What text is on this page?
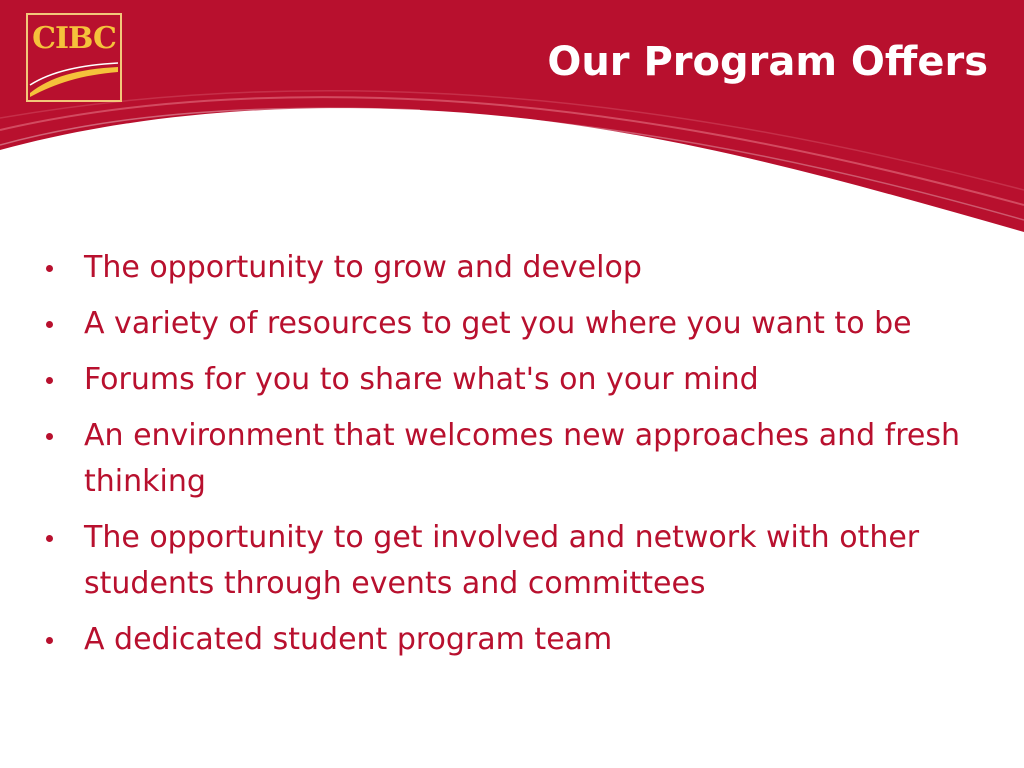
CIBC
Our Program Offers
The opportunity to grow and develop
A variety of resources to get you where you want to be
Forums for you to share what's on your mind
An environment that welcomes new approaches and fresh thinking
The opportunity to get involved and network with other students through events and committees
A dedicated student program team
